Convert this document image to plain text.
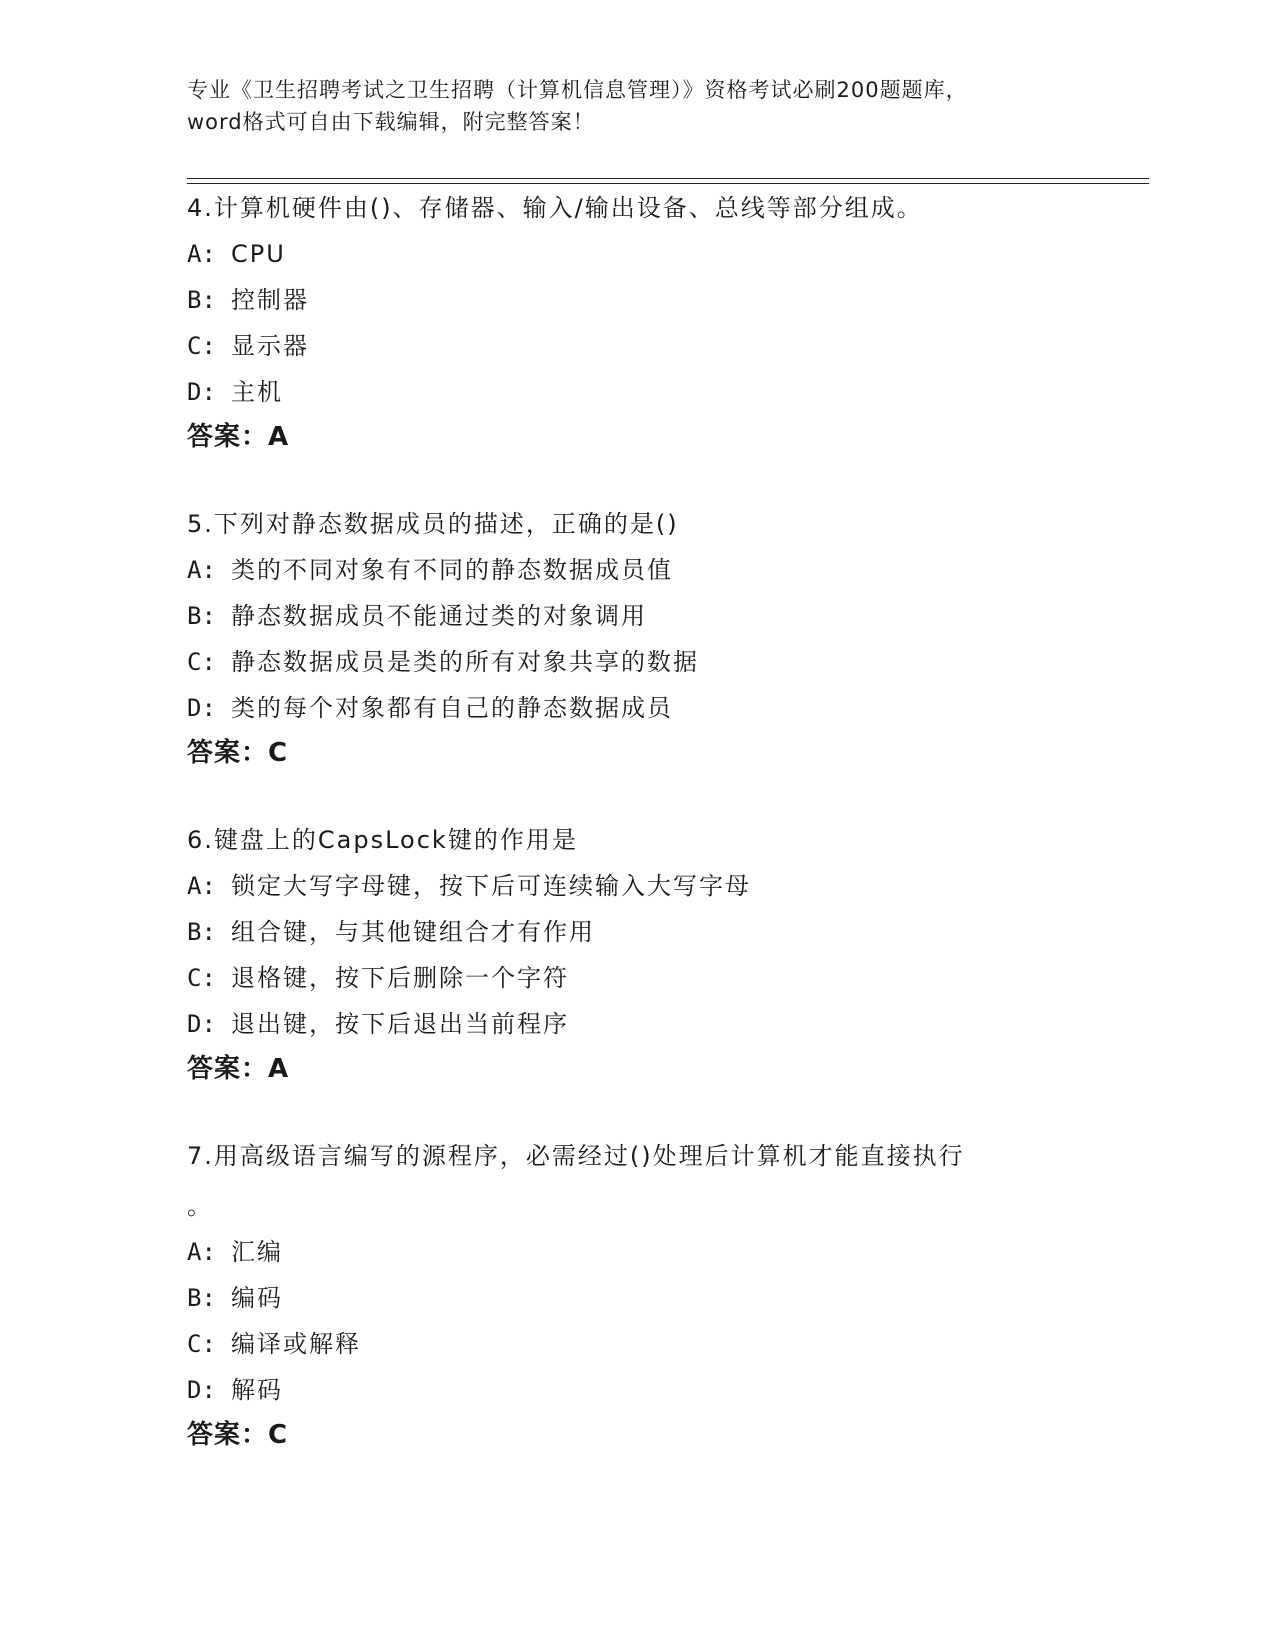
专业《卫生招聘考试之卫生招聘（计算机信息管理）》资格考试必刷200题题库，
word格式可自由下载编辑，附完整答案！
4.计算机硬件由()、存储器、输入/输出设备、总线等部分组成。
A: CPU
B: 控制器
C: 显示器
D: 主机
答案：A
5.下列对静态数据成员的描述，正确的是()
A: 类的不同对象有不同的静态数据成员值
B: 静态数据成员不能通过类的对象调用
C: 静态数据成员是类的所有对象共享的数据
D: 类的每个对象都有自己的静态数据成员
答案：C
6.键盘上的CapsLock键的作用是
A: 锁定大写字母键，按下后可连续输入大写字母
B: 组合键，与其他键组合才有作用
C: 退格键，按下后删除一个字符
D: 退出键，按下后退出当前程序
答案：A
7.用高级语言编写的源程序，必需经过()处理后计算机才能直接执行
。
A: 汇编
B: 编码
C: 编译或解释
D: 解码
答案：C
